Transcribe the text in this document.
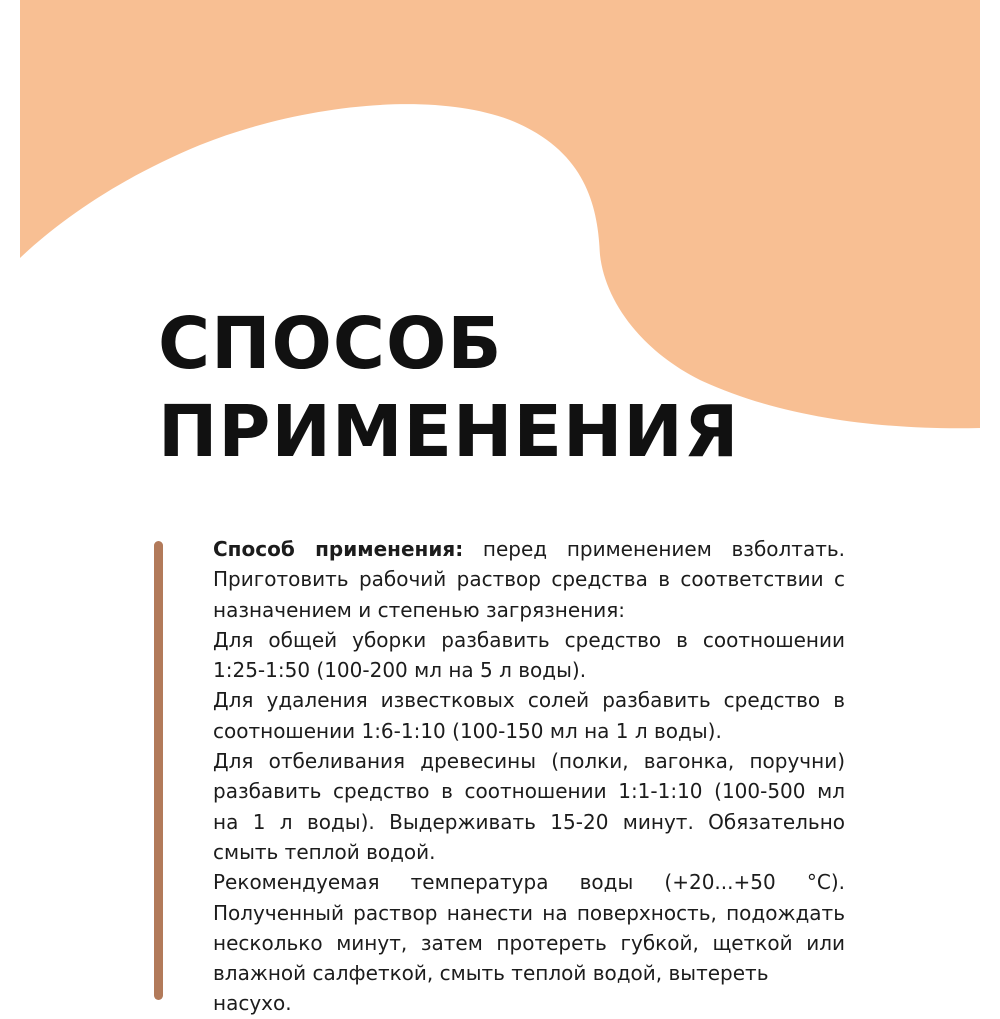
СПОСОБ
ПРИМЕНЕНИЯ

Способ применения: перед применением взболтать. Приготовить рабочий раствор средства в соответствии с назначением и степенью загрязнения:

Для общей уборки разбавить средство в соотношении 1:25-1:50 (100-200 мл на 5 л воды).

Для удаления известковых солей разбавить средство в соотношении 1:6-1:10 (100-150 мл на 1 л воды).

Для отбеливания древесины (полки, вагонка, поручни) разбавить средство в соотношении 1:1-1:10 (100-500 мл на 1 л воды). Выдерживать 15-20 минут. Обязательно смыть теплой водой.

Рекомендуемая температура воды (+20...+50 °C). Полученный раствор нанести на поверхность, подождать несколько минут, затем протереть губкой, щеткой или влажной салфеткой, смыть теплой водой, вытереть

насухо.
